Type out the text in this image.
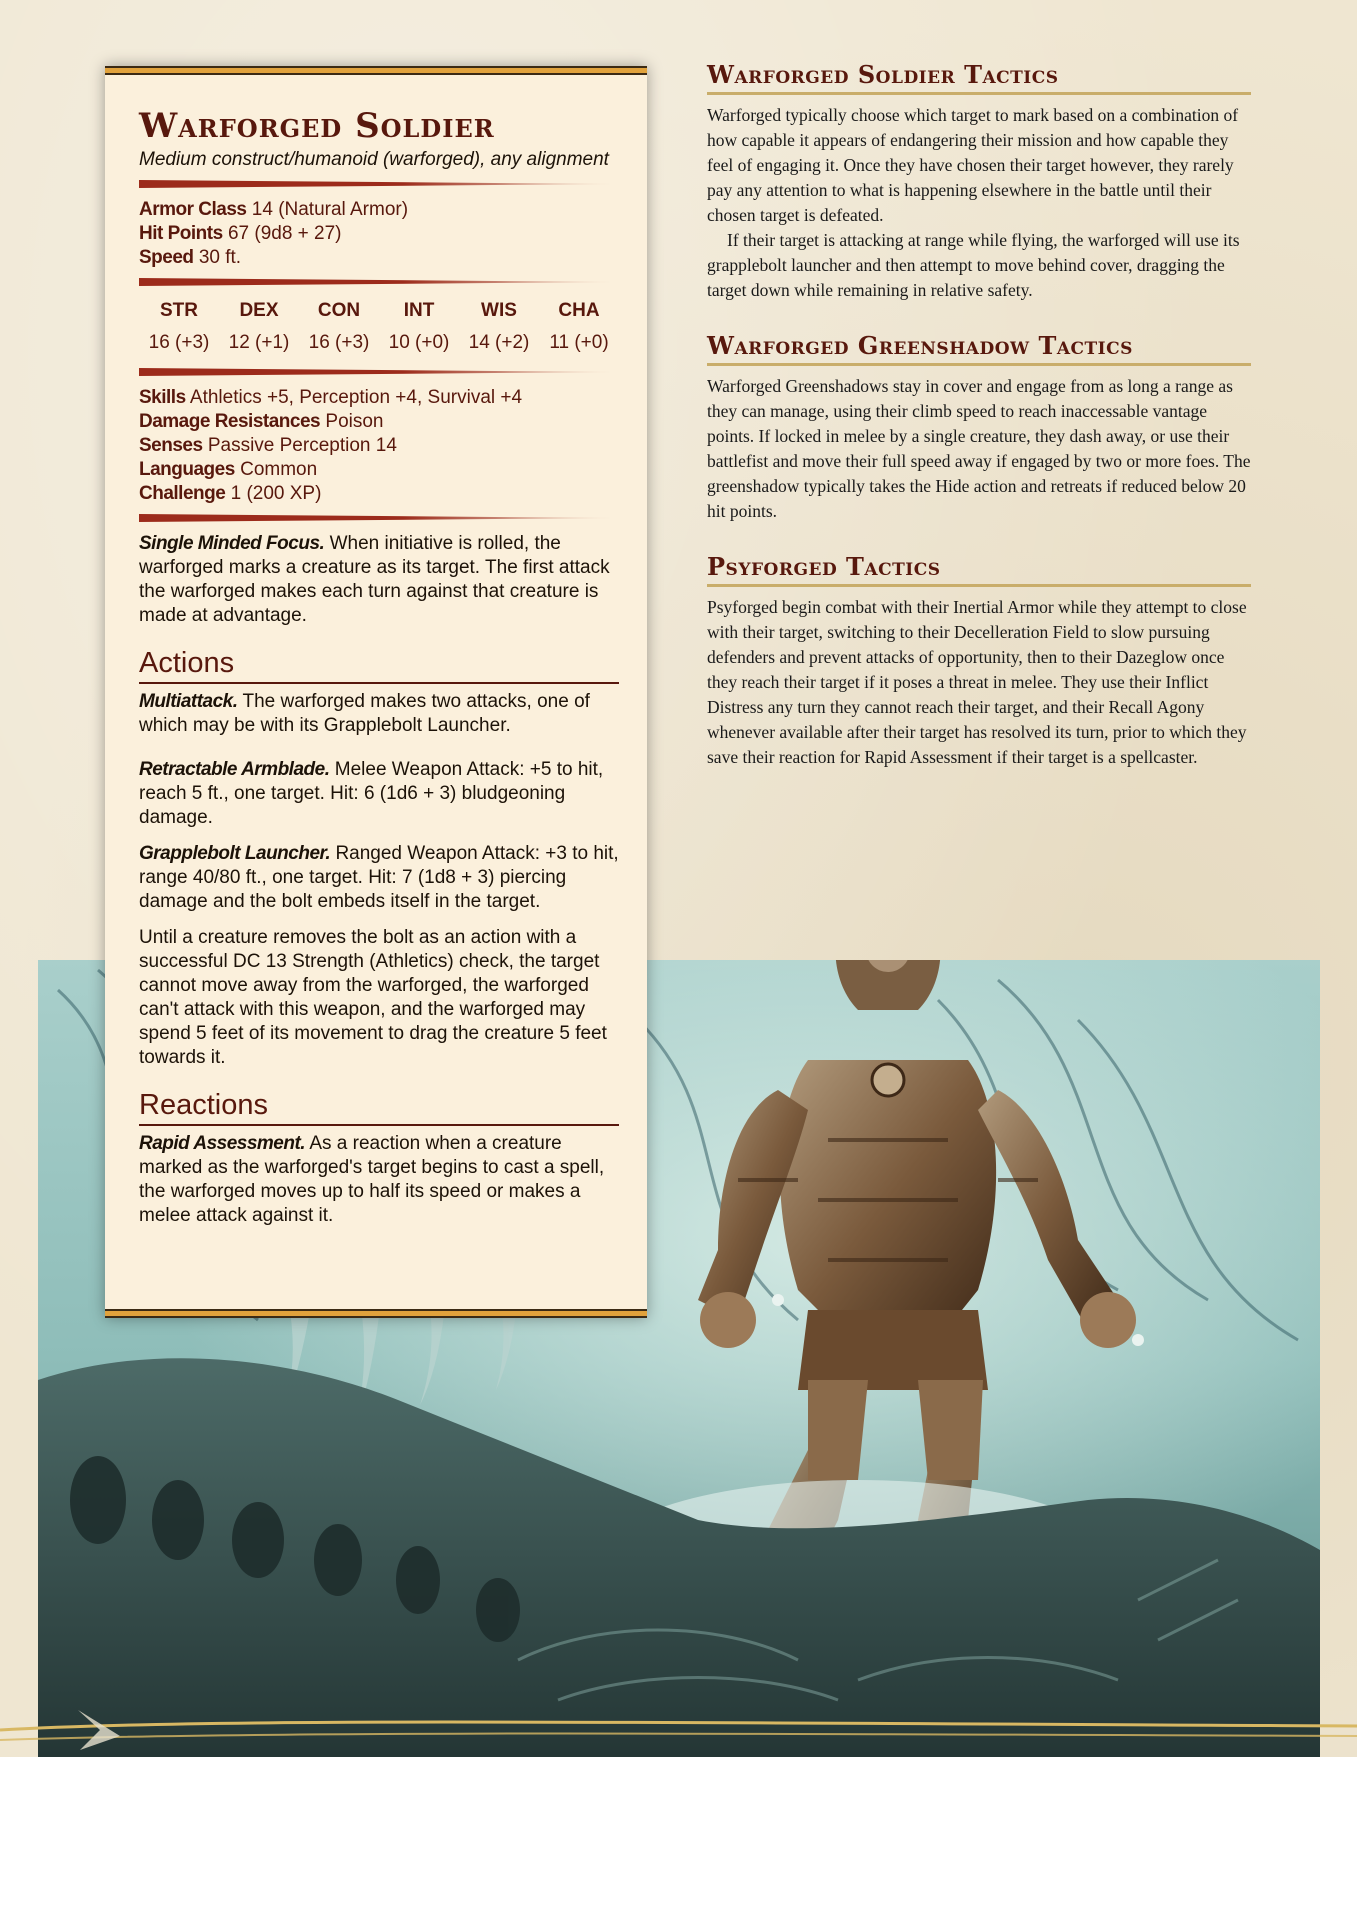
Warforged Soldier
Medium construct/humanoid (warforged), any alignment
Armor Class 14 (Natural Armor)
Hit Points 67 (9d8 + 27)
Speed 30 ft.
STR
16 (+3)
DEX
12 (+1)
CON
16 (+3)
INT
10 (+0)
WIS
14 (+2)
CHA
11 (+0)
Skills Athletics +5, Perception +4, Survival +4
Damage Resistances Poison
Senses Passive Perception 14
Languages Common
Challenge 1 (200 XP)
Single Minded Focus. When initiative is rolled, the warforged marks a creature as its target. The first attack the warforged makes each turn against that creature is made at advantage.
Actions
Multiattack. The warforged makes two attacks, one of which may be with its Grapplebolt Launcher.
Retractable Armblade. Melee Weapon Attack: +5 to hit, reach 5 ft., one target. Hit: 6 (1d6 + 3) bludgeoning damage.
Grapplebolt Launcher. Ranged Weapon Attack: +3 to hit, range 40/80 ft., one target. Hit: 7 (1d8 + 3) piercing damage and the bolt embeds itself in the target.
Until a creature removes the bolt as an action with a successful DC 13 Strength (Athletics) check, the target cannot move away from the warforged, the warforged can't attack with this weapon, and the warforged may spend 5 feet of its movement to drag the creature 5 feet towards it.
Reactions
Rapid Assessment. As a reaction when a creature marked as the warforged's target begins to cast a spell, the warforged moves up to half its speed or makes a melee attack against it.
Warforged Soldier Tactics

Warforged typically choose which target to mark based on a combination of how capable it appears of endangering their mission and how capable they feel of engaging it. Once they have chosen their target however, they rarely pay any attention to what is happening elsewhere in the battle until their chosen target is defeated.

If their target is attacking at range while flying, the warforged will use its grapplebolt launcher and then attempt to move behind cover, dragging the target down while remaining in relative safety.

Warforged Greenshadow Tactics

Warforged Greenshadows stay in cover and engage from as long a range as they can manage, using their climb speed to reach inaccessable vantage points. If locked in melee by a single creature, they dash away, or use their battlefist and move their full speed away if engaged by two or more foes. The greenshadow typically takes the Hide action and retreats if reduced below 20 hit points.

Psyforged Tactics

Psyforged begin combat with their Inertial Armor while they attempt to close with their target, switching to their Decelleration Field to slow pursuing defenders and prevent attacks of opportunity, then to their Dazeglow once they reach their target if it poses a threat in melee. They use their Inflict Distress any turn they cannot reach their target, and their Recall Agony whenever available after their target has resolved its turn, prior to which they save their reaction for Rapid Assessment if their target is a spellcaster.
